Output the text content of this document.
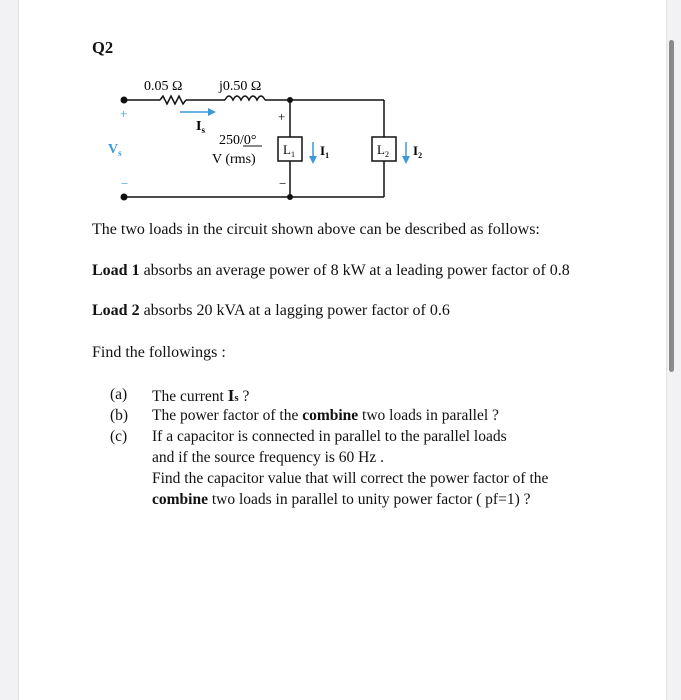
Q2
0.05 Ω	j0.50 Ω
$I_s$
+
$V_s$
−
+
−
250/0°
V (rms)
$L_1$ $I_1$	$L_2$ $I_2$
The two loads in the circuit shown above can be described as follows:
Load 1 absorbs an average power of 8 kW at a leading power factor of 0.8
Load 2 absorbs 20 kVA at a lagging power factor of 0.6
Find the followings :
(a) The current Is ?
(b) The power factor of the combine two loads in parallel ?
(c) If a capacitor is connected in parallel to the parallel loads
and if the source frequency is 60 Hz .
Find the capacitor value that will correct the power factor of the
combine two loads in parallel to unity power factor ( pf=1) ?
